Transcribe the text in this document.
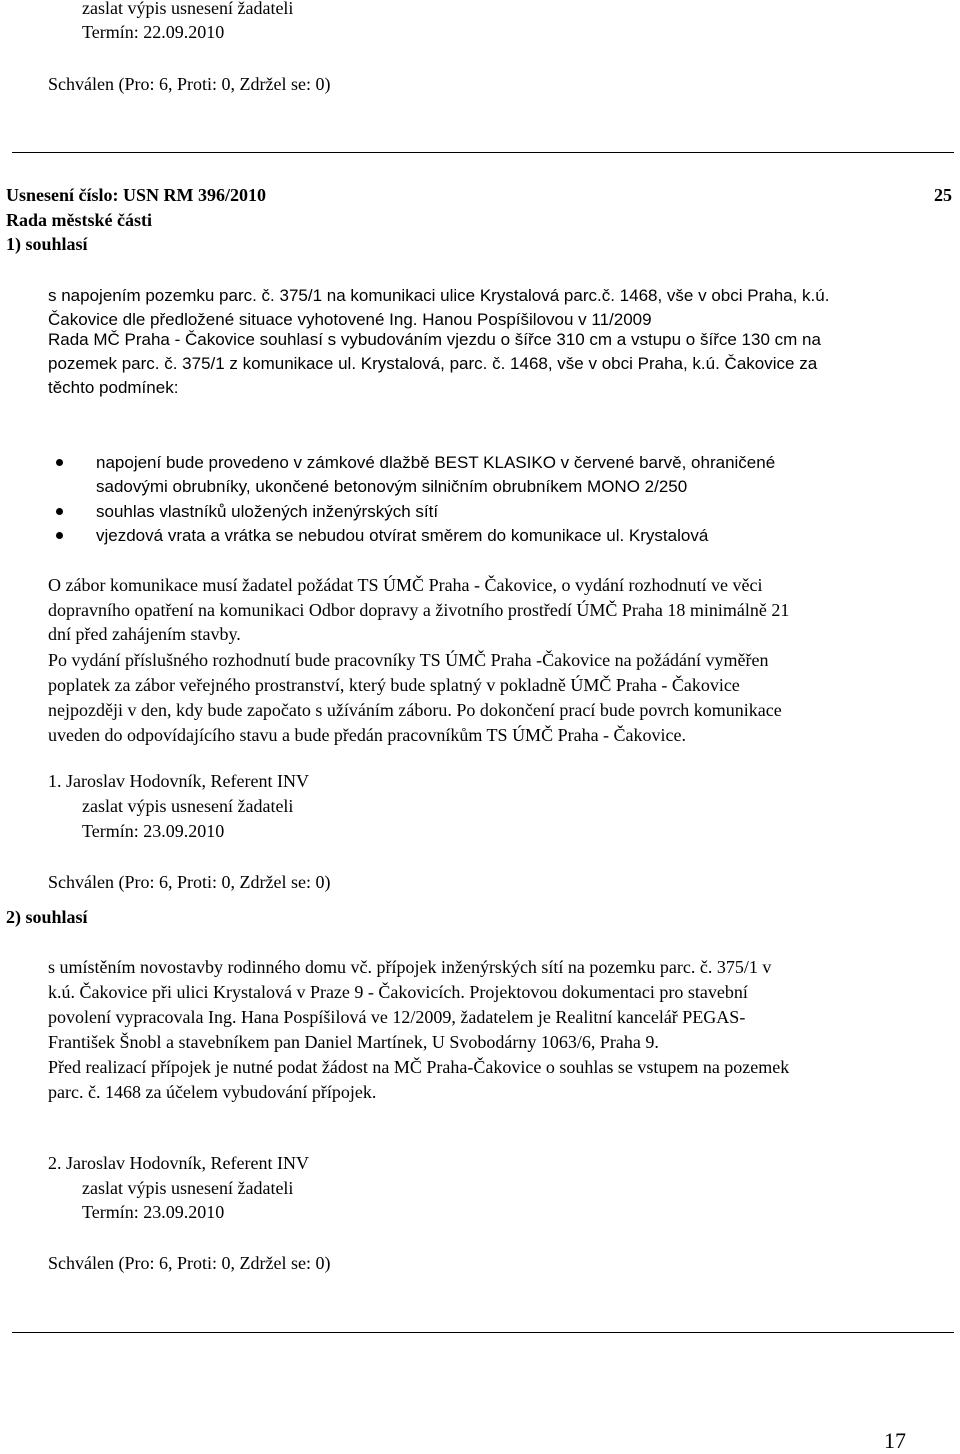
zaslat výpis usnesení žadateli
Termín: 22.09.2010
Schválen (Pro: 6, Proti: 0, Zdržel se: 0)
Usnesení číslo: USN RM 396/2010	25
Rada městské části
1) souhlasí
s napojením pozemku parc. č. 375/1 na komunikaci ulice Krystalová parc.č. 1468, vše v obci Praha, k.ú.
Čakovice dle předložené situace vyhotovené Ing. Hanou Pospíšilovou v 11/2009
Rada MČ Praha - Čakovice souhlasí s vybudováním vjezdu o šířce 310 cm a vstupu o šířce 130 cm na
pozemek parc. č. 375/1 z komunikace ul. Krystalová, parc. č. 1468, vše v obci Praha, k.ú. Čakovice za
těchto podmínek:
napojení bude provedeno v zámkové dlažbě BEST KLASIKO v červené barvě, ohraničené
sadovými obrubníky, ukončené betonovým silničním obrubníkem MONO 2/250
souhlas vlastníků uložených inženýrských sítí
vjezdová vrata a vrátka se nebudou otvírat směrem do komunikace ul. Krystalová
O zábor komunikace musí žadatel požádat TS ÚMČ Praha - Čakovice, o vydání rozhodnutí ve věci
dopravního opatření na komunikaci Odbor dopravy a životního prostředí ÚMČ Praha 18 minimálně 21
dní před zahájením stavby.
Po vydání příslušného rozhodnutí bude pracovníky TS ÚMČ Praha -Čakovice na požádání vyměřen
poplatek za zábor veřejného prostranství, který bude splatný v pokladně ÚMČ Praha - Čakovice
nejpozději v den, kdy bude započato s užíváním záboru. Po dokončení prací bude povrch komunikace
uveden do odpovídajícího stavu a bude předán pracovníkům TS ÚMČ Praha - Čakovice.
1. Jaroslav Hodovník, Referent INV
zaslat výpis usnesení žadateli
Termín: 23.09.2010
Schválen (Pro: 6, Proti: 0, Zdržel se: 0)
2) souhlasí
s umístěním novostavby rodinného domu vč. přípojek inženýrských sítí na pozemku parc. č. 375/1 v
k.ú. Čakovice při ulici Krystalová v Praze 9 - Čakovicích. Projektovou dokumentaci pro stavební
povolení vypracovala Ing. Hana Pospíšilová ve 12/2009, žadatelem je Realitní kancelář PEGAS-
František Šnobl a stavebníkem pan Daniel Martínek, U Svobodárny 1063/6, Praha 9.
Před realizací přípojek je nutné podat žádost na MČ Praha-Čakovice o souhlas se vstupem na pozemek
parc. č. 1468 za účelem vybudování přípojek.
2. Jaroslav Hodovník, Referent INV
zaslat výpis usnesení žadateli
Termín: 23.09.2010
Schválen (Pro: 6, Proti: 0, Zdržel se: 0)
17
